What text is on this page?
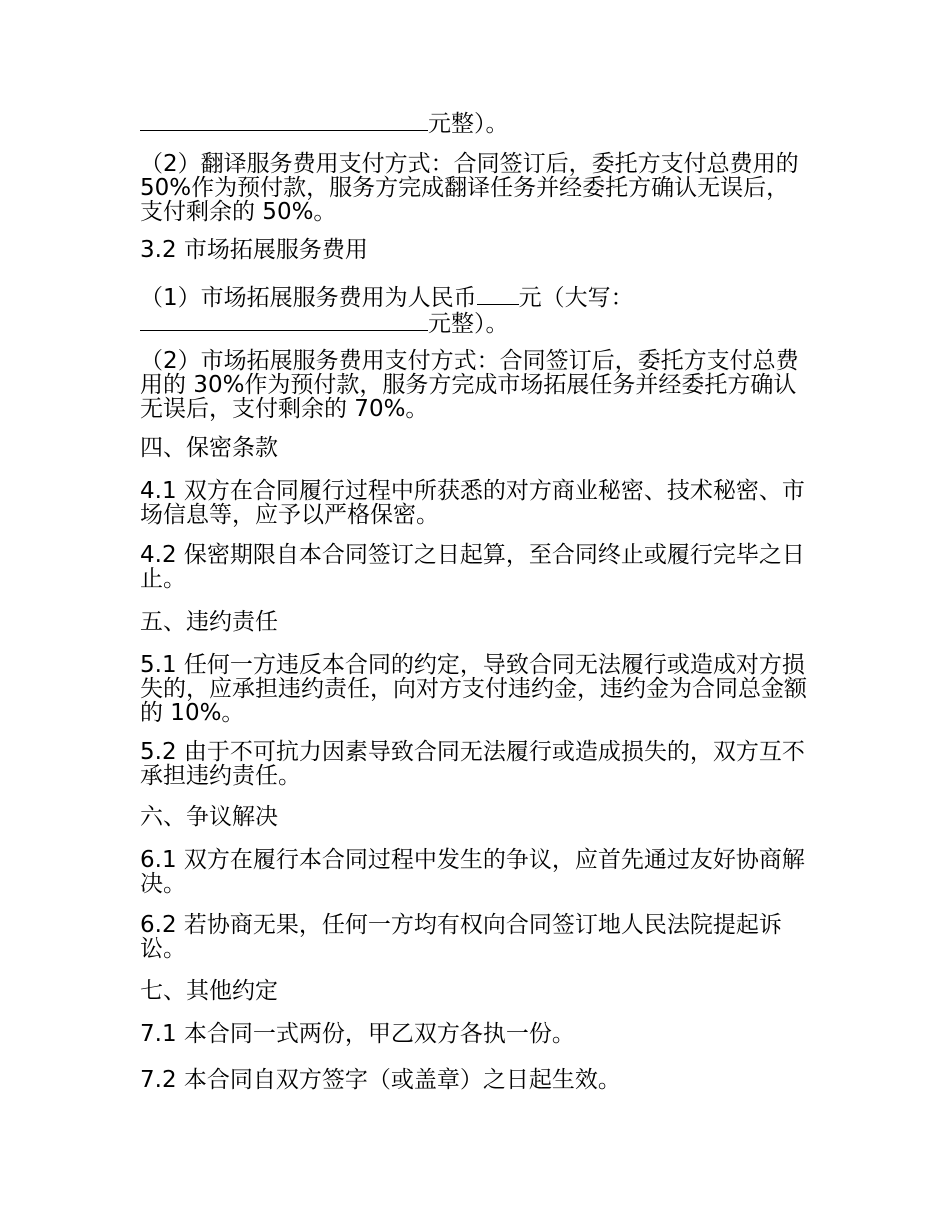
元整）。

（2）翻译服务费用支付方式：合同签订后，委托方支付总费用的 50%作为预付款，服务方完成翻译任务并经委托方确认无误后，支付剩余的 50%。

3.2 市场拓展服务费用

（1）市场拓展服务费用为人民币 元（大写：
元整）。

（2）市场拓展服务费用支付方式：合同签订后，委托方支付总费用的 30%作为预付款，服务方完成市场拓展任务并经委托方确认无误后，支付剩余的 70%。

四、保密条款

4.1 双方在合同履行过程中所获悉的对方商业秘密、技术秘密、市场信息等，应予以严格保密。

4.2 保密期限自本合同签订之日起算，至合同终止或履行完毕之日止。

五、违约责任

5.1 任何一方违反本合同的约定，导致合同无法履行或造成对方损失的，应承担违约责任，向对方支付违约金，违约金为合同总金额的 10%。

5.2 由于不可抗力因素导致合同无法履行或造成损失的，双方互不承担违约责任。

六、争议解决

6.1 双方在履行本合同过程中发生的争议，应首先通过友好协商解决。

6.2 若协商无果，任何一方均有权向合同签订地人民法院提起诉讼。

七、其他约定

7.1 本合同一式两份，甲乙双方各执一份。

7.2 本合同自双方签字（或盖章）之日起生效。
